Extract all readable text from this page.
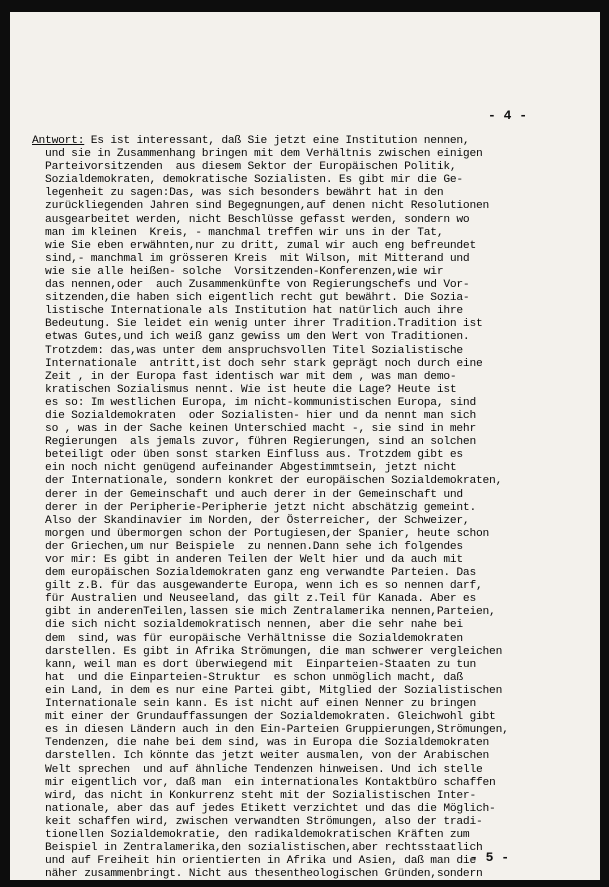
- 4 -
Antwort: Es ist interessant, daß Sie jetzt eine Institution nennen,
und sie in Zusammenhang bringen mit dem Verhältnis zwischen einigen
Parteivorsitzenden  aus diesem Sektor der Europäischen Politik,
Sozialdemokraten, demokratische Sozialisten. Es gibt mir die Ge-
legenheit zu sagen:Das, was sich besonders bewährt hat in den
zurückliegenden Jahren sind Begegnungen,auf denen nicht Resolutionen
ausgearbeitet werden, nicht Beschlüsse gefasst werden, sondern wo
man im kleinen  Kreis, - manchmal treffen wir uns in der Tat,
wie Sie eben erwähnten,nur zu dritt, zumal wir auch eng befreundet
sind,- manchmal im grösseren Kreis  mit Wilson, mit Mitterand und
wie sie alle heißen- solche  Vorsitzenden-Konferenzen,wie wir
das nennen,oder  auch Zusammenkünfte von Regierungschefs und Vor-
sitzenden,die haben sich eigentlich recht gut bewährt. Die Sozia-
listische Internationale als Institution hat natürlich auch ihre
Bedeutung. Sie leidet ein wenig unter ihrer Tradition.Tradition ist
etwas Gutes,und ich weiß ganz gewiss um den Wert von Traditionen.
Trotzdem: das,was unter dem anspruchsvollen Titel Sozialistische
Internationale  antritt,ist doch sehr stark geprägt noch durch eine
Zeit , in der Europa fast identisch war mit dem , was man demo-
kratischen Sozialismus nennt. Wie ist heute die Lage? Heute ist
es so: Im westlichen Europa, im nicht-kommunistischen Europa, sind
die Sozialdemokraten  oder Sozialisten- hier und da nennt man sich
so , was in der Sache keinen Unterschied macht -, sie sind in mehr
Regierungen  als jemals zuvor, führen Regierungen, sind an solchen
beteiligt oder üben sonst starken Einfluss aus. Trotzdem gibt es
ein noch nicht genügend aufeinander Abgestimmtsein, jetzt nicht
der Internationale, sondern konkret der europäischen Sozialdemokraten,
derer in der Gemeinschaft und auch derer in der Gemeinschaft und
derer in der Peripherie-Peripherie jetzt nicht abschätzig gemeint.
Also der Skandinavier im Norden, der Österreicher, der Schweizer,
morgen und übermorgen schon der Portugiesen,der Spanier, heute schon
der Griechen,um nur Beispiele  zu nennen.Dann sehe ich folgendes
vor mir: Es gibt in anderen Teilen der Welt hier und da auch mit
dem europäischen Sozialdemokraten ganz eng verwandte Parteien. Das
gilt z.B. für das ausgewanderte Europa, wenn ich es so nennen darf,
für Australien und Neuseeland, das gilt z.Teil für Kanada. Aber es
gibt in anderenTeilen,lassen sie mich Zentralamerika nennen,Parteien,
die sich nicht sozialdemokratisch nennen, aber die sehr nahe bei
dem  sind, was für europäische Verhältnisse die Sozialdemokraten
darstellen. Es gibt in Afrika Strömungen, die man schwerer vergleichen
kann, weil man es dort überwiegend mit  Einparteien-Staaten zu tun
hat  und die Einparteien-Struktur  es schon unmöglich macht, daß
ein Land, in dem es nur eine Partei gibt, Mitglied der Sozialistischen
Internationale sein kann. Es ist nicht auf einen Nenner zu bringen
mit einer der Grundauffassungen der Sozialdemokraten. Gleichwohl gibt
es in diesen Ländern auch in den Ein-Parteien Gruppierungen,Strömungen,
Tendenzen, die nahe bei dem sind, was in Europa die Sozialdemokraten
darstellen. Ich könnte das jetzt weiter ausmalen, von der Arabischen
Welt sprechen  und auf ähnliche Tendenzen hinweisen. Und ich stelle
mir eigentlich vor, daß man  ein internationales Kontaktbüro schaffen
wird, das nicht in Konkurrenz steht mit der Sozialistischen Inter-
nationale, aber das auf jedes Etikett verzichtet und das die Möglich-
keit schaffen wird, zwischen verwandten Strömungen, also der tradi-
tionellen Sozialdemokratie, den radikaldemokratischen Kräften zum
Beispiel in Zentralamerika,den sozialistischen,aber rechtsstaatlich
und auf Freiheit hin orientierten in Afrika und Asien, daß man die
näher zusammenbringt. Nicht aus thesentheologischen Gründen,sondern
- 5 -
